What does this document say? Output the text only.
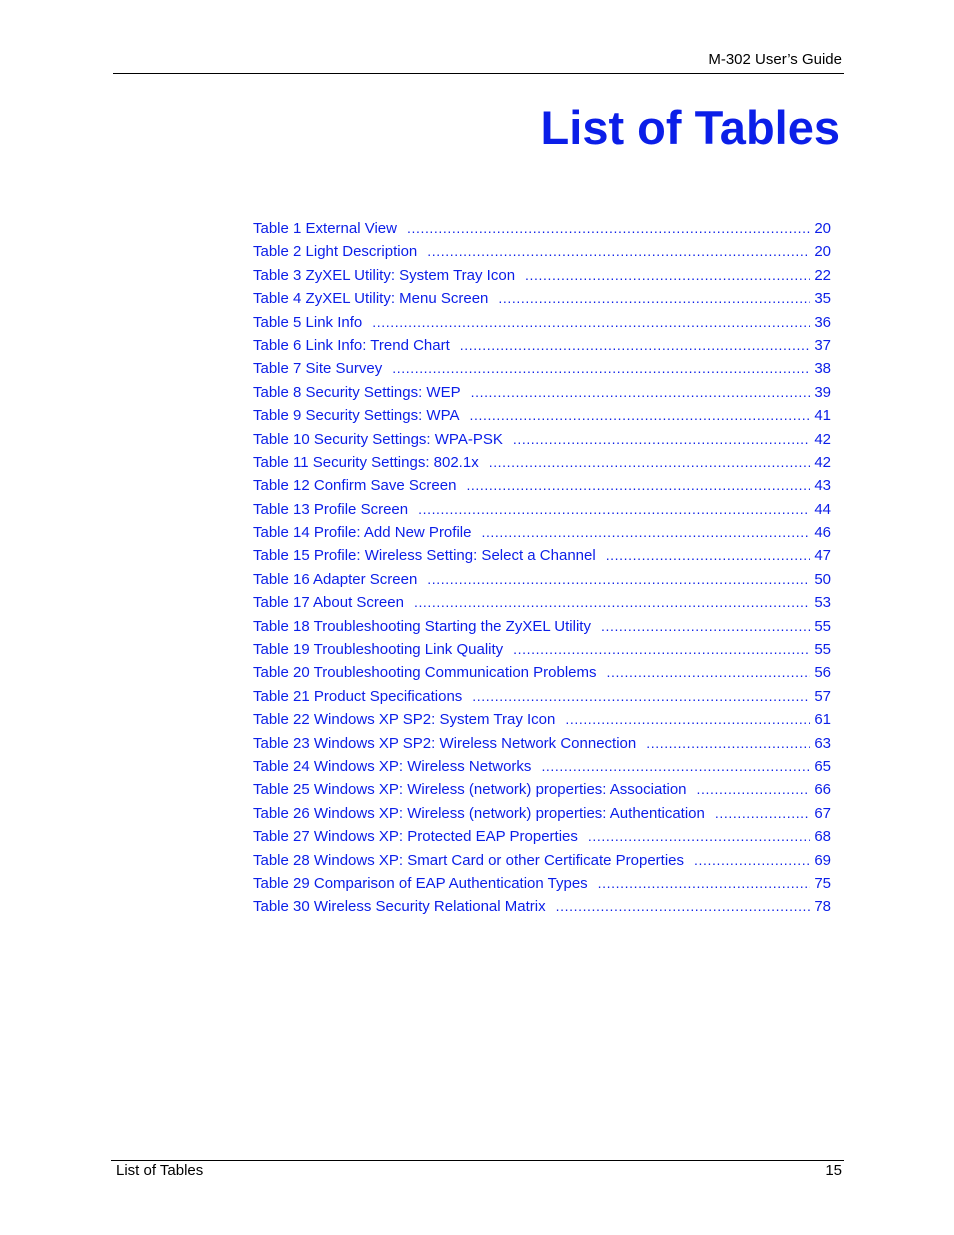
M-302 User’s Guide
List of Tables
Table 1 External View .....	20
Table 2 Light Description .....	20
Table 3 ZyXEL Utility: System Tray Icon .....	22
Table 4 ZyXEL Utility: Menu Screen .....	35
Table 5 Link Info .....	36
Table 6 Link Info: Trend Chart .....	37
Table 7 Site Survey .....	38
Table 8 Security Settings: WEP .....	39
Table 9 Security Settings: WPA .....	41
Table 10 Security Settings: WPA-PSK .....	42
Table 11 Security Settings: 802.1x .....	42
Table 12 Confirm Save Screen .....	43
Table 13 Profile Screen .....	44
Table 14 Profile: Add New Profile .....	46
Table 15 Profile: Wireless Setting: Select a Channel .....	47
Table 16 Adapter Screen .....	50
Table 17 About Screen .....	53
Table 18 Troubleshooting Starting the ZyXEL Utility .....	55
Table 19 Troubleshooting Link Quality .....	55
Table 20 Troubleshooting Communication Problems .....	56
Table 21 Product Specifications .....	57
Table 22 Windows XP SP2: System Tray Icon .....	61
Table 23 Windows XP SP2: Wireless Network Connection .....	63
Table 24 Windows XP: Wireless Networks .....	65
Table 25 Windows XP: Wireless (network) properties: Association .....	66
Table 26 Windows XP: Wireless (network) properties: Authentication .....	67
Table 27 Windows XP: Protected EAP Properties .....	68
Table 28 Windows XP: Smart Card or other Certificate Properties .....	69
Table 29 Comparison of EAP Authentication Types .....	75
Table 30 Wireless Security Relational Matrix .....	78
List of Tables	15
